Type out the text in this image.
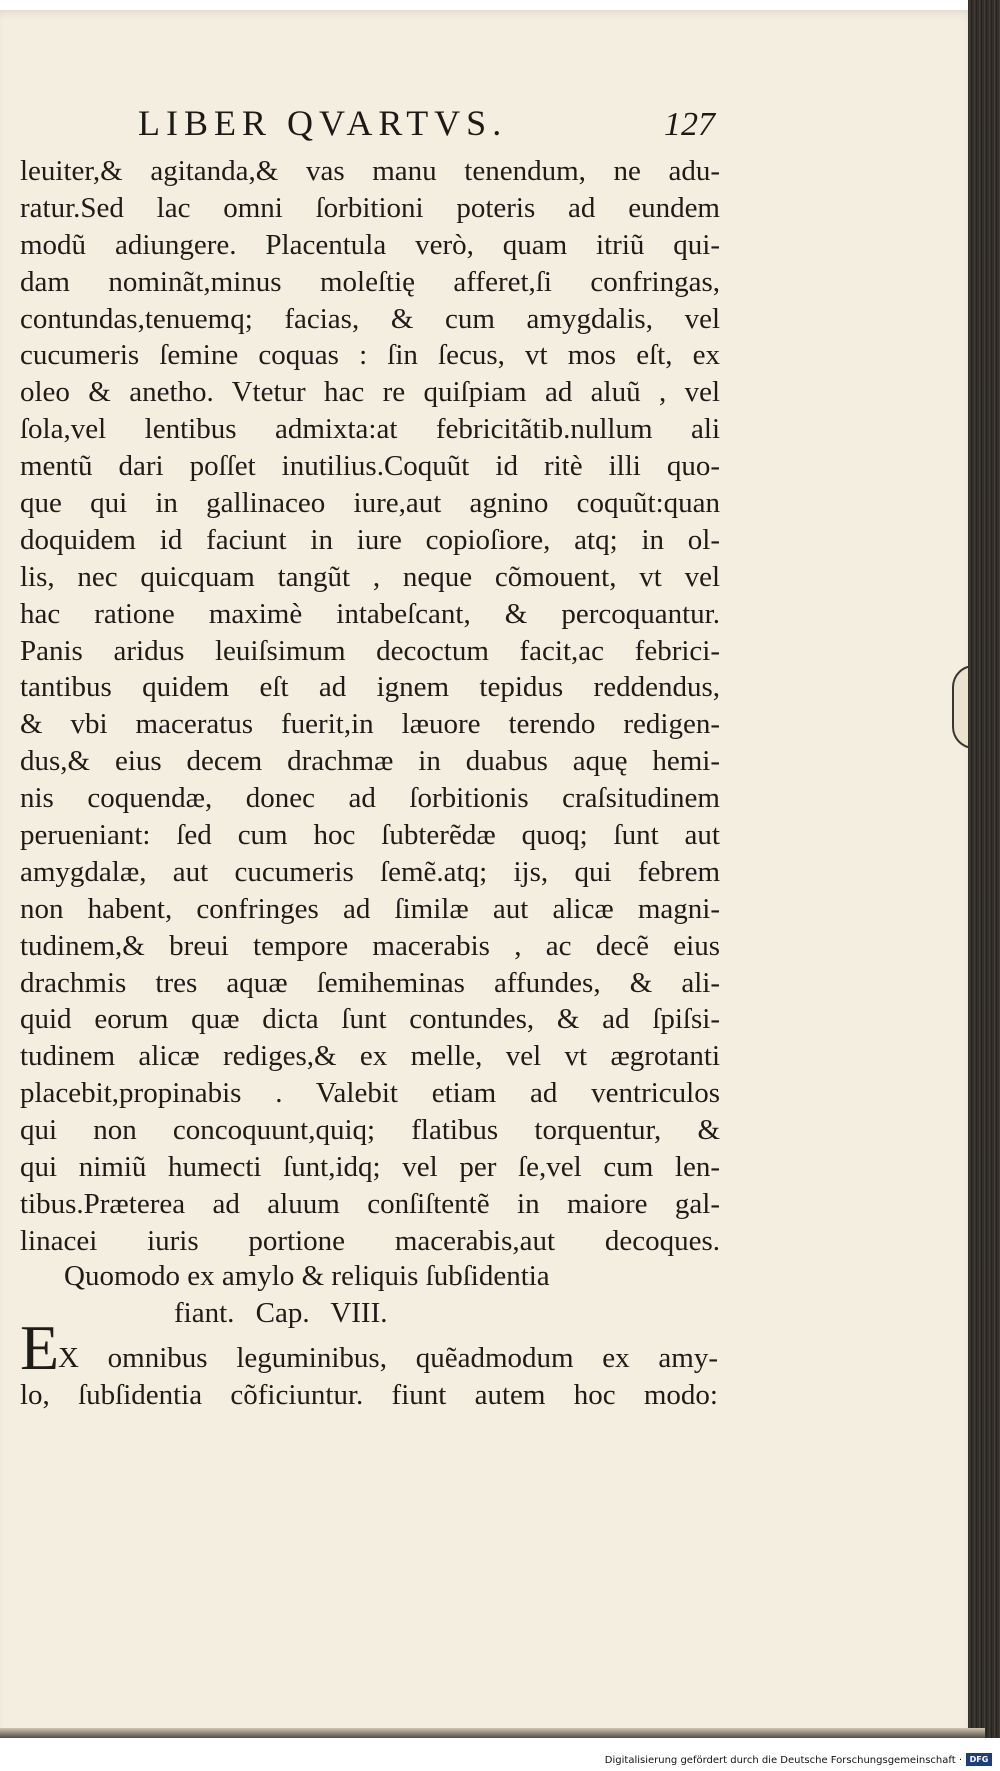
LIBER QVARTVS.	127
leuiter,& agitanda,& vas manu tenendum, ne adu-
ratur.Sed lac omni ſorbitioni poteris ad eundem
modũ adiungere. Placentula verò, quam itriũ qui-
dam nominãt,minus moleſtię afferet,ſi confringas,
contundas,tenuemq; facias, & cum amygdalis, vel
cucumeris ſemine coquas : ſin ſecus, vt mos eſt, ex
oleo & anetho. Vtetur hac re quiſpiam ad aluũ , vel
ſola,vel lentibus admixta:at febricitãtib.nullum ali
mentũ dari poſſet inutilius.Coquũt id ritè illi quo-
que qui in gallinaceo iure,aut agnino coquũt:quan
doquidem id faciunt in iure copioſiore, atq; in ol-
lis, nec quicquam tangũt , neque cõmouent, vt vel
hac ratione maximè intabeſcant, & percoquantur.
Panis aridus leuiſsimum decoctum facit,ac febrici-
tantibus quidem eſt ad ignem tepidus reddendus,
& vbi maceratus fuerit,in læuore terendo redigen-
dus,& eius decem drachmæ in duabus aquę hemi-
nis coquendæ, donec ad ſorbitionis craſsitudinem
perueniant: ſed cum hoc ſubterẽdæ quoq; ſunt aut
amygdalæ, aut cucumeris ſemẽ.atq; ijs, qui febrem
non habent, confringes ad ſimilæ aut alicæ magni-
tudinem,& breui tempore macerabis , ac decẽ eius
drachmis tres aquæ ſemiheminas affundes, & ali-
quid eorum quæ dicta ſunt contundes, & ad ſpiſsi-
tudinem alicæ rediges,& ex melle, vel vt ægrotanti
placebit,propinabis . Valebit etiam ad ventriculos
qui non concoquunt,quiq; flatibus torquentur, &
qui nimiũ humecti ſunt,idq; vel per ſe,vel cum len-
tibus.Præterea ad aluum conſiſtentẽ in maiore gal-
linacei iuris portione macerabis,aut decoques.
Quomodo ex amylo & reliquis ſubſidentia
fiant. Cap. VIII.
E
X omnibus leguminibus, quẽadmodum ex amy-
lo, ſubſidentia cõficiuntur. fiunt autem hoc modo:
Digitalisierung gefördert durch die Deutsche Forschungsgemeinschaft · DFG
